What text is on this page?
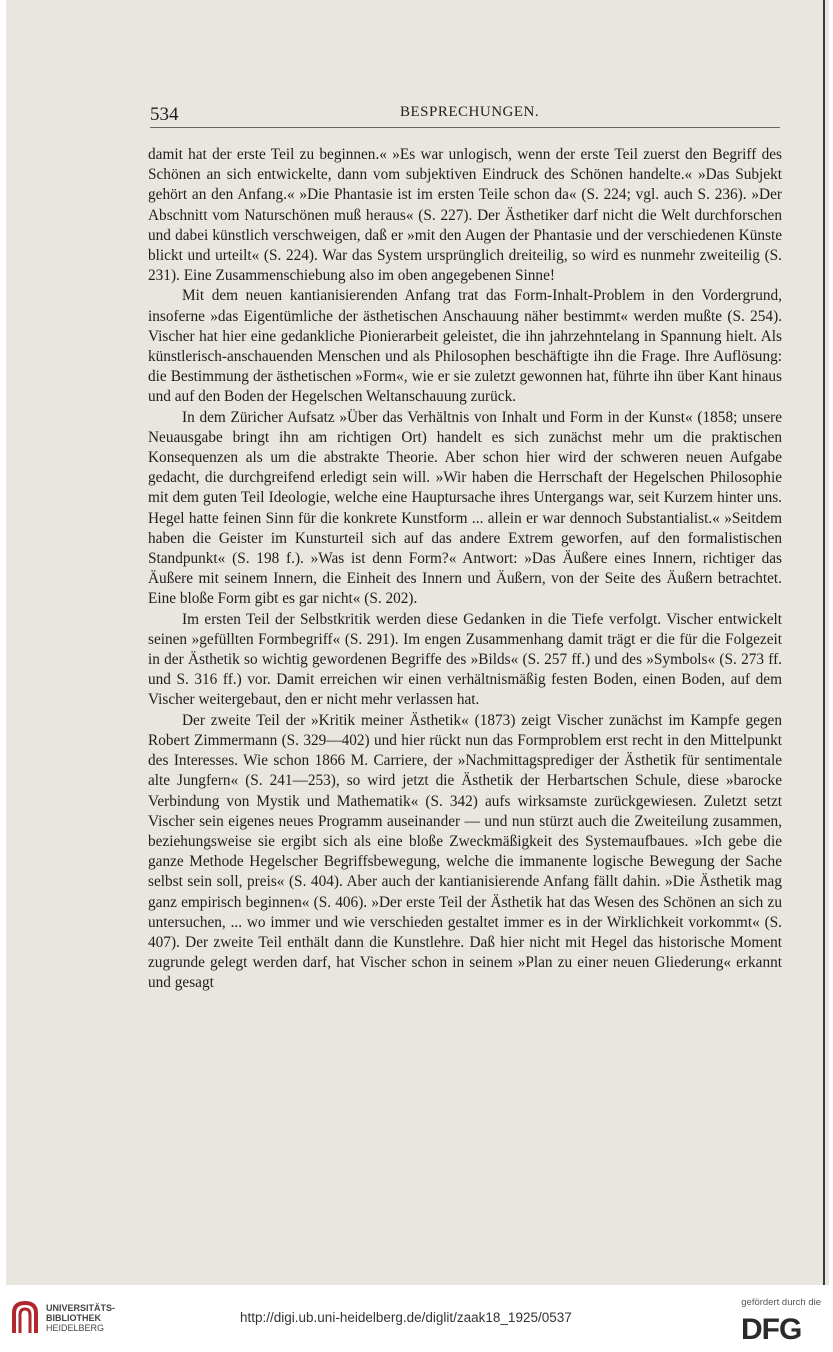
534	BESPRECHUNGEN.

damit hat der erste Teil zu beginnen.« »Es war unlogisch, wenn der erste Teil zuerst den Begriff des Schönen an sich entwickelte, dann vom subjektiven Eindruck des Schönen handelte.« »Das Subjekt gehört an den Anfang.« »Die Phantasie ist im ersten Teile schon da« (S. 224; vgl. auch S. 236). »Der Abschnitt vom Naturschönen muß heraus« (S. 227). Der Ästhetiker darf nicht die Welt durchforschen und dabei künstlich verschweigen, daß er »mit den Augen der Phantasie und der verschiedenen Künste blickt und urteilt« (S. 224). War das System ursprünglich dreiteilig, so wird es nunmehr zweiteilig (S. 231). Eine Zusammenschiebung also im oben angegebenen Sinne!

Mit dem neuen kantianisierenden Anfang trat das Form-Inhalt-Problem in den Vordergrund, insoferne »das Eigentümliche der ästhetischen Anschauung näher bestimmt« werden mußte (S. 254). Vischer hat hier eine gedankliche Pionierarbeit geleistet, die ihn jahrzehntelang in Spannung hielt. Als künstlerisch-anschauenden Menschen und als Philosophen beschäftigte ihn die Frage. Ihre Auflösung: die Bestimmung der ästhetischen »Form«, wie er sie zuletzt gewonnen hat, führte ihn über Kant hinaus und auf den Boden der Hegelschen Weltanschauung zurück.

In dem Züricher Aufsatz »Über das Verhältnis von Inhalt und Form in der Kunst« (1858; unsere Neuausgabe bringt ihn am richtigen Ort) handelt es sich zunächst mehr um die praktischen Konsequenzen als um die abstrakte Theorie. Aber schon hier wird der schweren neuen Aufgabe gedacht, die durchgreifend erledigt sein will. »Wir haben die Herrschaft der Hegelschen Philosophie mit dem guten Teil Ideologie, welche eine Hauptursache ihres Untergangs war, seit Kurzem hinter uns. Hegel hatte feinen Sinn für die konkrete Kunstform ... allein er war dennoch Substantialist.« »Seitdem haben die Geister im Kunsturteil sich auf das andere Extrem geworfen, auf den formalistischen Standpunkt« (S. 198 f.). »Was ist denn Form?« Antwort: »Das Äußere eines Innern, richtiger das Äußere mit seinem Innern, die Einheit des Innern und Äußern, von der Seite des Äußern betrachtet. Eine bloße Form gibt es gar nicht« (S. 202).

Im ersten Teil der Selbstkritik werden diese Gedanken in die Tiefe verfolgt. Vischer entwickelt seinen »gefüllten Formbegriff« (S. 291). Im engen Zusammenhang damit trägt er die für die Folgezeit in der Ästhetik so wichtig gewordenen Begriffe des »Bilds« (S. 257 ff.) und des »Symbols« (S. 273 ff. und S. 316 ff.) vor. Damit erreichen wir einen verhältnismäßig festen Boden, einen Boden, auf dem Vischer weitergebaut, den er nicht mehr verlassen hat.

Der zweite Teil der »Kritik meiner Ästhetik« (1873) zeigt Vischer zunächst im Kampfe gegen Robert Zimmermann (S. 329—402) und hier rückt nun das Formproblem erst recht in den Mittelpunkt des Interesses. Wie schon 1866 M. Carriere, der »Nachmittagsprediger der Ästhetik für sentimentale alte Jungfern« (S. 241—253), so wird jetzt die Ästhetik der Herbartschen Schule, diese »barocke Verbindung von Mystik und Mathematik« (S. 342) aufs wirksamste zurückgewiesen. Zuletzt setzt Vischer sein eigenes neues Programm auseinander — und nun stürzt auch die Zweiteilung zusammen, beziehungsweise sie ergibt sich als eine bloße Zweckmäßigkeit des Systemaufbaues. »Ich gebe die ganze Methode Hegelscher Begriffsbewegung, welche die immanente logische Bewegung der Sache selbst sein soll, preis« (S. 404). Aber auch der kantianisierende Anfang fällt dahin. »Die Ästhetik mag ganz empirisch beginnen« (S. 406). »Der erste Teil der Ästhetik hat das Wesen des Schönen an sich zu untersuchen, ... wo immer und wie verschieden gestaltet immer es in der Wirklichkeit vorkommt« (S. 407). Der zweite Teil enthält dann die Kunstlehre. Daß hier nicht mit Hegel das historische Moment zugrunde gelegt werden darf, hat Vischer schon in seinem »Plan zu einer neuen Gliederung« erkannt und gesagt

UNIVERSITÄTS-
BIBLIOTHEK
HEIDELBERG
http://digi.ub.uni-heidelberg.de/diglit/zaak18_1925/0537
gefördert durch die
DFG
